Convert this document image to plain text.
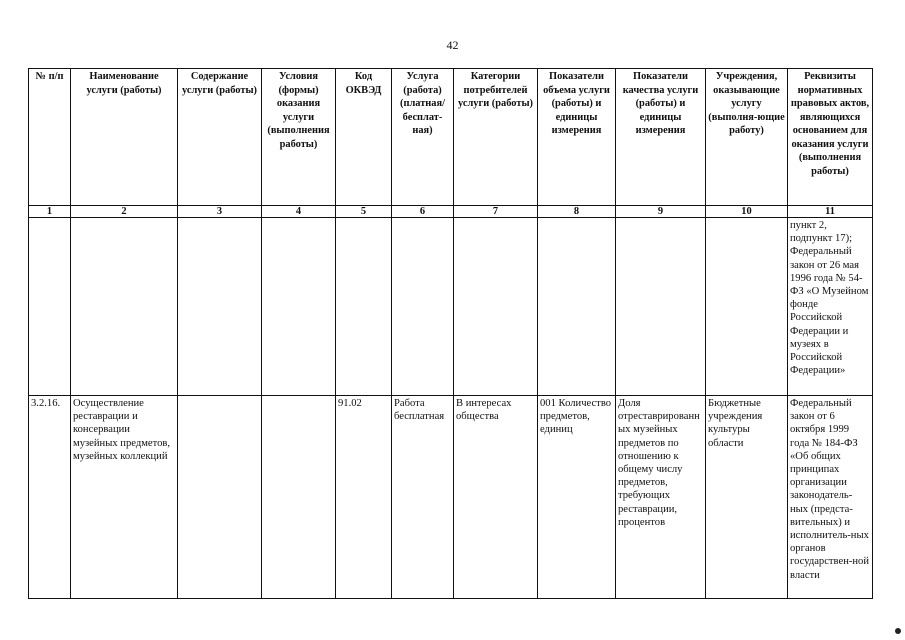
42
№ п/п	Наименование услуги (работы)	Содержание услуги (работы)	Условия (формы) оказания услуги (выполнения работы)	Код ОКВЭД	Услуга (работа) (платная/ бесплат-ная)	Категории потребителей услуги (работы)	Показатели объема услуги (работы) и единицы измерения	Показатели качества услуги (работы) и единицы измерения	Учреждения, оказывающие услугу (выполня-ющие работу)	Реквизиты нормативных правовых актов, являющихся основанием для оказания услуги (выполнения работы)
1	2	3	4	5	6	7	8	9	10	11
										пункт 2, подпункт 17); Федеральный закон от 26 мая 1996 года № 54-ФЗ «О Музейном фонде Российской Федерации и музеях в Российской Федерации»
3.2.16.	Осуществление реставрации и консервации музейных предметов, музейных коллекций			91.02	Работа бесплатная	В интересах общества	001 Количество предметов, единиц	Доля отреставрированных музейных предметов по отношению к общему числу предметов, требующих реставрации, процентов	Бюджетные учреждения культуры области	Федеральный закон от 6 октября 1999 года № 184-ФЗ «Об общих принципах организации законодатель-ных (предста-вительных) и исполнитель-ных органов государствен-ной власти
